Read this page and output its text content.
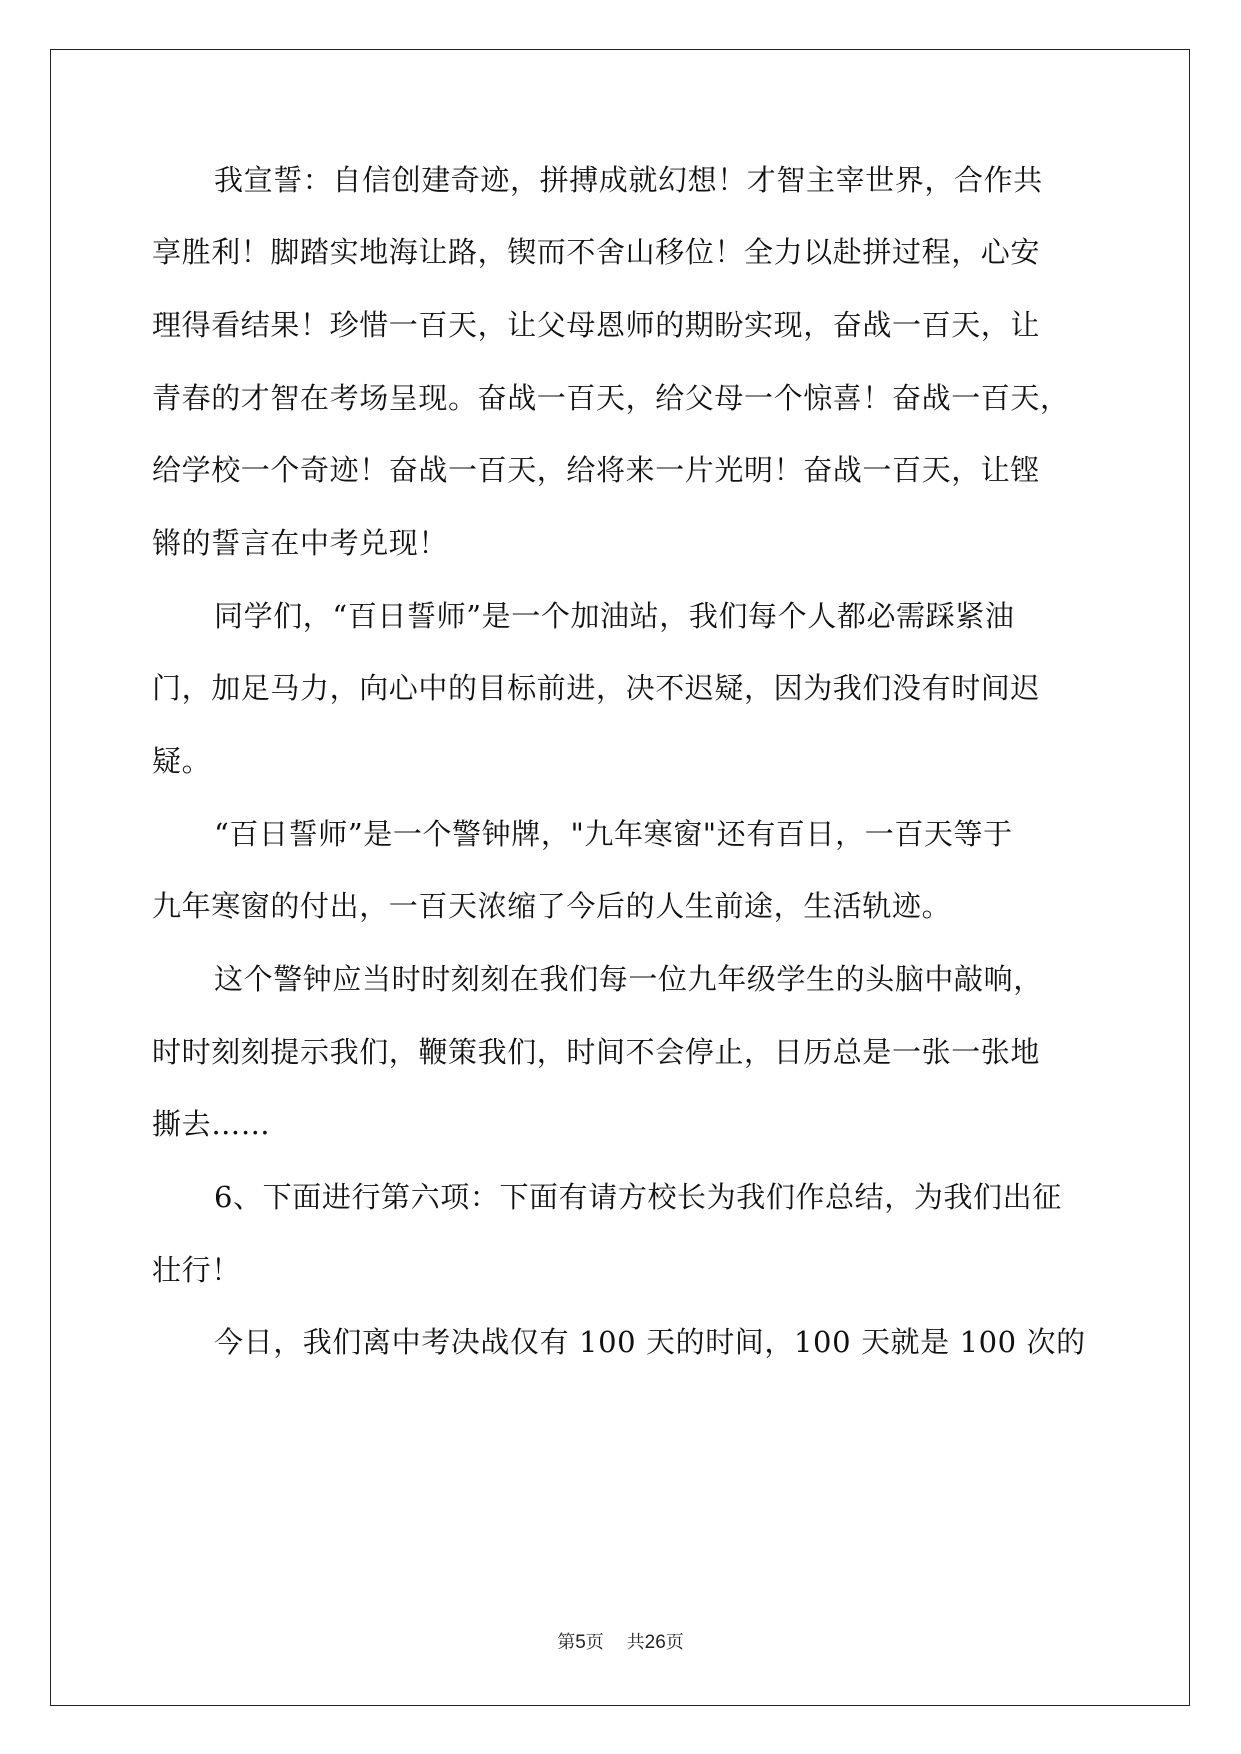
我宣誓：自信创建奇迹，拼搏成就幻想！才智主宰世界，合作共
享胜利！脚踏实地海让路，锲而不舍山移位！全力以赴拼过程，心安
理得看结果！珍惜一百天，让父母恩师的期盼实现，奋战一百天，让
青春的才智在考场呈现。奋战一百天，给父母一个惊喜！奋战一百天，
给学校一个奇迹！奋战一百天，给将来一片光明！奋战一百天，让铿
锵的誓言在中考兑现！
同学们，“百日誓师”是一个加油站，我们每个人都必需踩紧油
门，加足马力，向心中的目标前进，决不迟疑，因为我们没有时间迟
疑。
“百日誓师”是一个警钟牌，"九年寒窗"还有百日，一百天等于
九年寒窗的付出，一百天浓缩了今后的人生前途，生活轨迹。
这个警钟应当时时刻刻在我们每一位九年级学生的头脑中敲响，
时时刻刻提示我们，鞭策我们，时间不会停止，日历总是一张一张地
撕去……
6、下面进行第六项：下面有请方校长为我们作总结，为我们出征
壮行！
今日，我们离中考决战仅有 100 天的时间，100 天就是 100 次的
第5页 共26页
